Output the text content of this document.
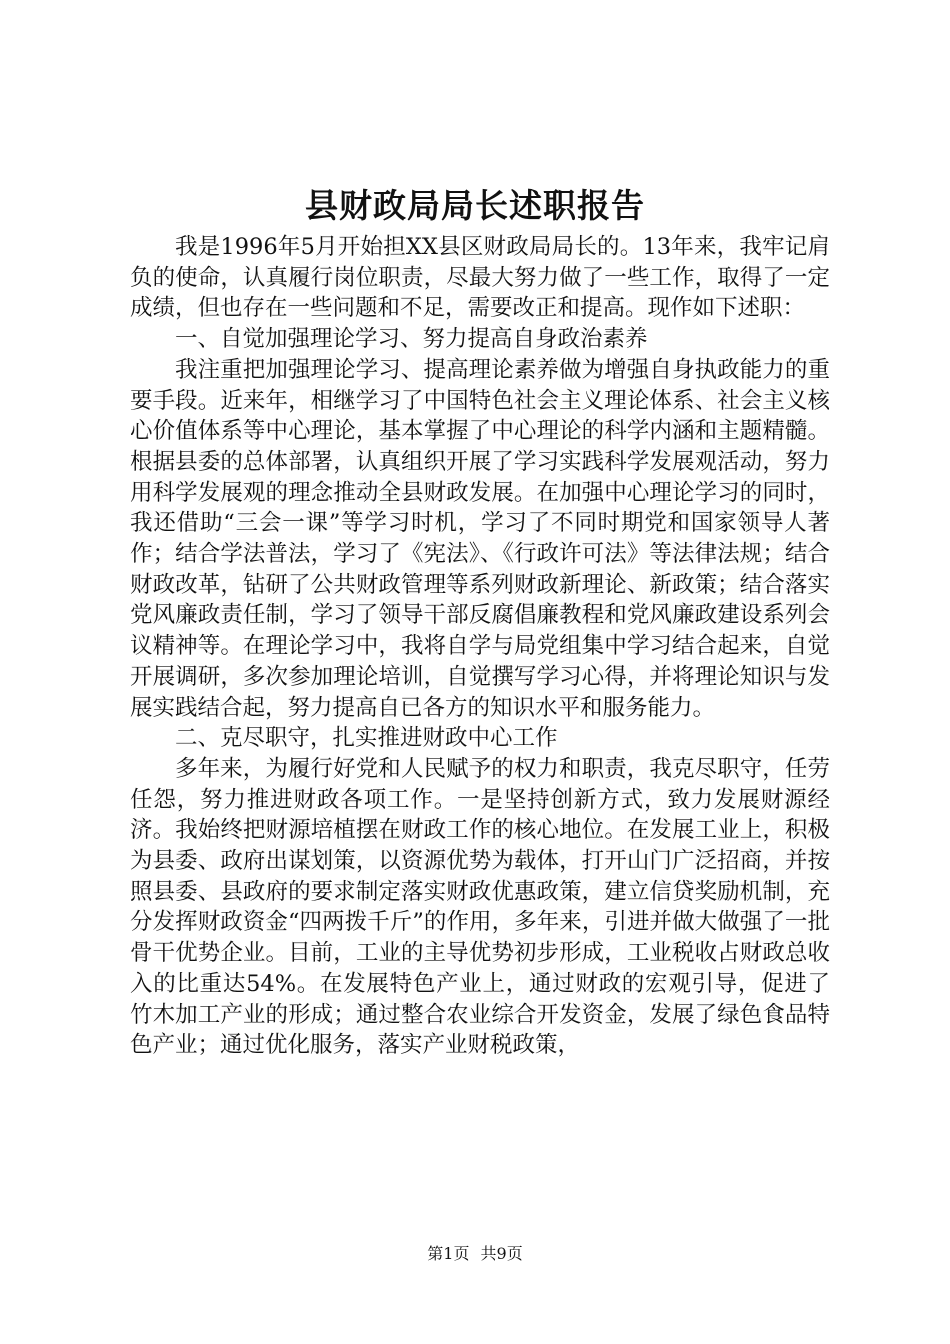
县财政局局长述职报告

我是1996年5月开始担XX县区财政局局长的。13年来，我牢记肩负的使命，认真履行岗位职责，尽最大努力做了一些工作，取得了一定成绩，但也存在一些问题和不足，需要改正和提高。现作如下述职：

一、自觉加强理论学习、努力提高自身政治素养

我注重把加强理论学习、提高理论素养做为增强自身执政能力的重要手段。近来年，相继学习了中国特色社会主义理论体系、社会主义核心价值体系等中心理论，基本掌握了中心理论的科学内涵和主题精髓。根据县委的总体部署，认真组织开展了学习实践科学发展观活动，努力用科学发展观的理念推动全县财政发展。在加强中心理论学习的同时，我还借助“三会一课”等学习时机，学习了不同时期党和国家领导人著作；结合学法普法，学习了《宪法》、《行政许可法》等法律法规；结合财政改革，钻研了公共财政管理等系列财政新理论、新政策；结合落实党风廉政责任制，学习了领导干部反腐倡廉教程和党风廉政建设系列会议精神等。在理论学习中，我将自学与局党组集中学习结合起来，自觉开展调研，多次参加理论培训，自觉撰写学习心得，并将理论知识与发展实践结合起，努力提高自已各方的知识水平和服务能力。

二、克尽职守，扎实推进财政中心工作

多年来，为履行好党和人民赋予的权力和职责，我克尽职守，任劳任怨，努力推进财政各项工作。一是坚持创新方式，致力发展财源经济。我始终把财源培植摆在财政工作的核心地位。在发展工业上，积极为县委、政府出谋划策，以资源优势为载体，打开山门广泛招商，并按照县委、县政府的要求制定落实财政优惠政策，建立信贷奖励机制，充分发挥财政资金“四两拨千斤”的作用，多年来，引进并做大做强了一批骨干优势企业。目前，工业的主导优势初步形成，工业税收占财政总收入的比重达54%。在发展特色产业上，通过财政的宏观引导，促进了竹木加工产业的形成；通过整合农业综合开发资金，发展了绿色食品特色产业；通过优化服务，落实产业财税政策，

第1页 共9页
